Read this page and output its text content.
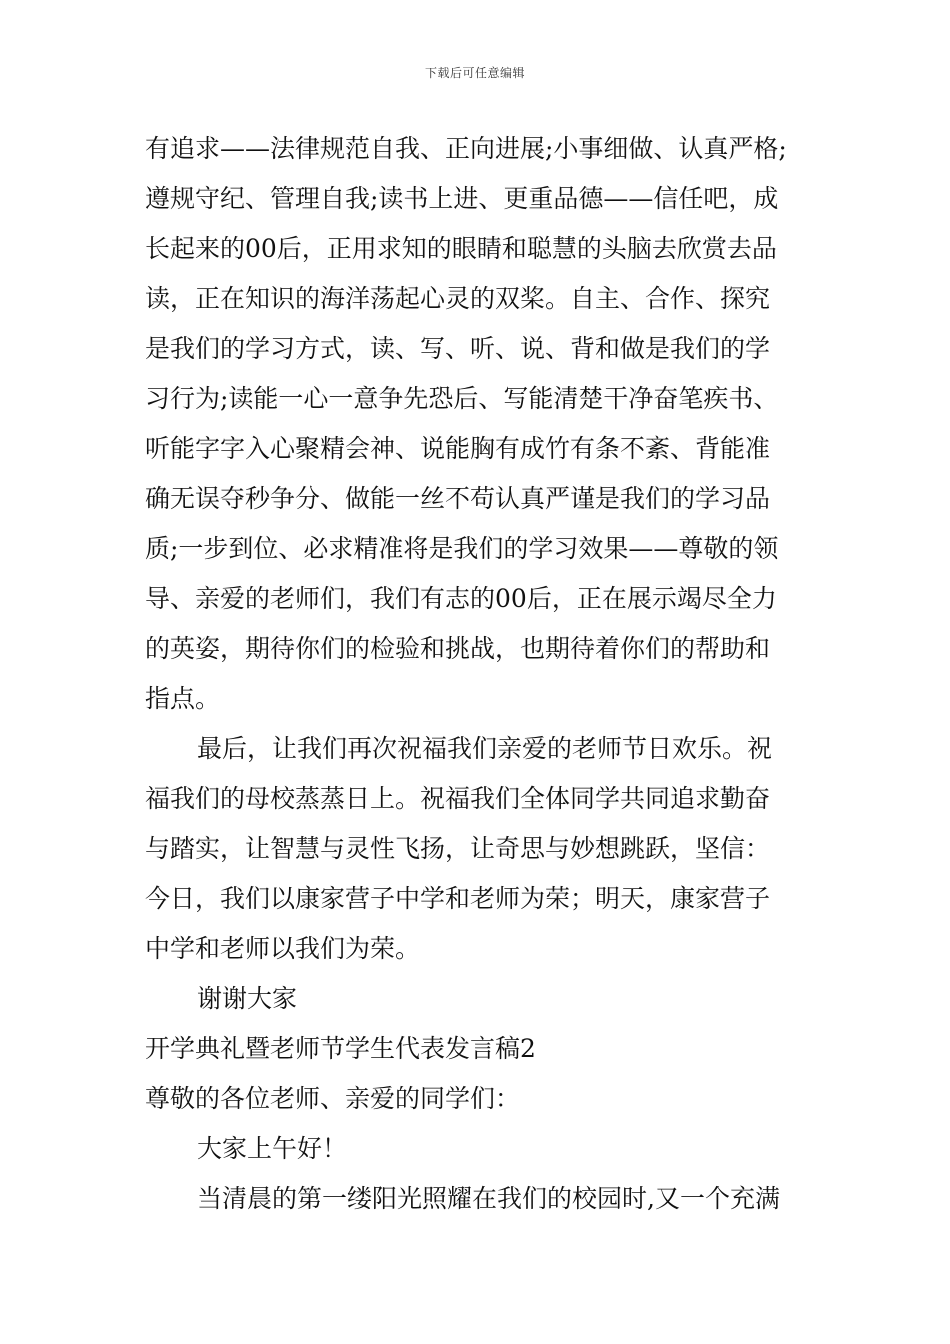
下载后可任意编辑
有追求——法律规范自我、正向进展;小事细做、认真严格;
遵规守纪、管理自我;读书上进、更重品德——信任吧，成
长起来的00后，正用求知的眼睛和聪慧的头脑去欣赏去品
读，正在知识的海洋荡起心灵的双桨。自主、合作、探究
是我们的学习方式，读、写、听、说、背和做是我们的学
习行为;读能一心一意争先恐后、写能清楚干净奋笔疾书、
听能字字入心聚精会神、说能胸有成竹有条不紊、背能准
确无误夺秒争分、做能一丝不苟认真严谨是我们的学习品
质;一步到位、必求精准将是我们的学习效果——尊敬的领
导、亲爱的老师们，我们有志的00后，正在展示竭尽全力
的英姿，期待你们的检验和挑战，也期待着你们的帮助和
指点。
最后，让我们再次祝福我们亲爱的老师节日欢乐。祝
福我们的母校蒸蒸日上。祝福我们全体同学共同追求勤奋
与踏实，让智慧与灵性飞扬，让奇思与妙想跳跃，坚信：
今日，我们以康家营子中学和老师为荣；明天，康家营子
中学和老师以我们为荣。
谢谢大家
开学典礼暨老师节学生代表发言稿2
尊敬的各位老师、亲爱的同学们：
大家上午好！
当清晨的第一缕阳光照耀在我们的校园时,又一个充满
